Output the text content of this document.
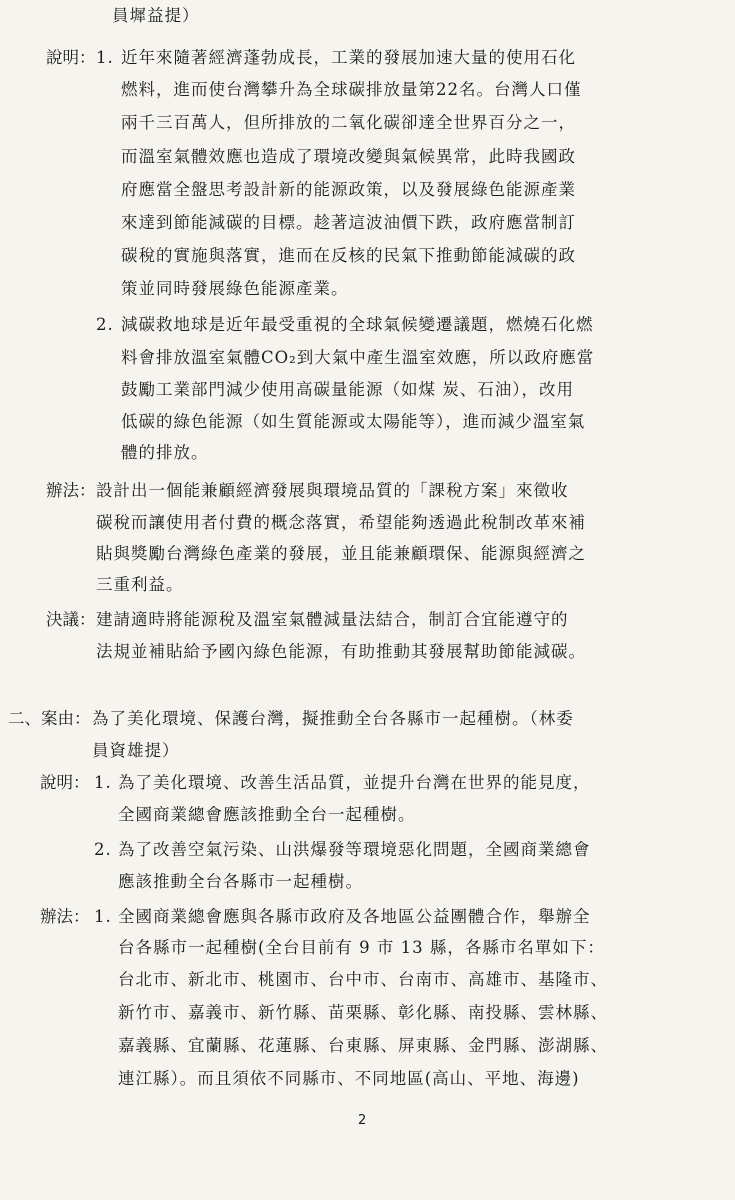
員墀益提）
說明： 1. 近年來隨著經濟蓬勃成長，工業的發展加速大量的使用石化
燃料，進而使台灣攀升為全球碳排放量第22名。台灣人口僅
兩千三百萬人，但所排放的二氧化碳卻達全世界百分之一，
而溫室氣體效應也造成了環境改變與氣候異常，此時我國政
府應當全盤思考設計新的能源政策，以及發展綠色能源產業
來達到節能減碳的目標。趁著這波油價下跌，政府應當制訂
碳稅的實施與落實，進而在反核的民氣下推動節能減碳的政
策並同時發展綠色能源產業。
2. 減碳救地球是近年最受重視的全球氣候變遷議題，燃燒石化燃
料會排放溫室氣體CO₂到大氣中產生溫室效應，所以政府應當
鼓勵工業部門減少使用高碳量能源（如煤 炭、石油），改用
低碳的綠色能源（如生質能源或太陽能等），進而減少溫室氣
體的排放。
辦法： 設計出一個能兼顧經濟發展與環境品質的「課稅方案」來徵收
碳稅而讓使用者付費的概念落實，希望能夠透過此稅制改革來補
貼與獎勵台灣綠色產業的發展，並且能兼顧環保、能源與經濟之
三重利益。
決議： 建請適時將能源稅及溫室氣體減量法結合，制訂合宜能遵守的
法規並補貼給予國內綠色能源，有助推動其發展幫助節能減碳。
二、案由： 為了美化環境、保護台灣，擬推動全台各縣市一起種樹。（林委
員資雄提）
說明： 1. 為了美化環境、改善生活品質，並提升台灣在世界的能見度，
全國商業總會應該推動全台一起種樹。
2. 為了改善空氣污染、山洪爆發等環境惡化問題，全國商業總會
應該推動全台各縣市一起種樹。
辦法： 1. 全國商業總會應與各縣市政府及各地區公益團體合作，舉辦全
台各縣市一起種樹(全台目前有 9 市 13 縣，各縣市名單如下：
台北市、新北市、桃園市、台中市、台南市、高雄市、基隆市、
新竹市、嘉義市、新竹縣、苗栗縣、彰化縣、南投縣、雲林縣、
嘉義縣、宜蘭縣、花蓮縣、台東縣、屏東縣、金門縣、澎湖縣、
連江縣）。而且須依不同縣市、不同地區(高山、平地、海邊)
2
